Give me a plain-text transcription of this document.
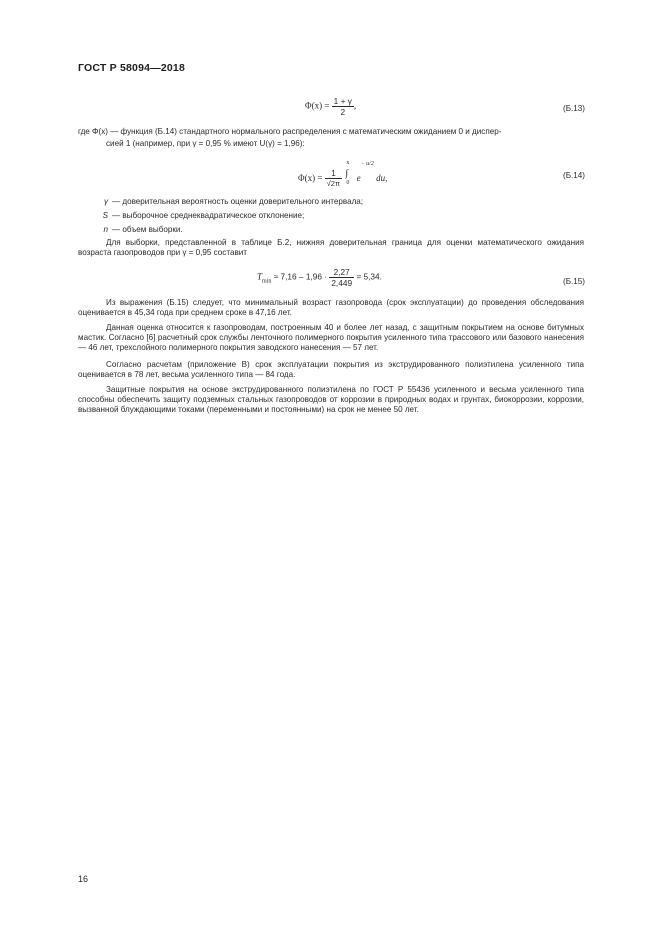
ГОСТ Р 58094—2018
$\Phi(x) = \frac{1 + \gamma}{2}$ ,	(Б.13)
где Φ(x) — функция (Б.14) стандартного нормального распределения с математическим ожиданием 0 и диспер-
сией 1 (например, при γ = 0,95 % имеют U(γ) = 1,96):
$\Phi(x) = \frac{1}{√2\pi}$

x
∫
0 $e^{- u/2}$ du,	(Б.14)
γ — доверительная вероятность оценки доверительного интервала;
S — выборочное среднеквадратическое отклонение;
n — объем выборки.
Для выборки, представленной в таблице Б.2, нижняя доверительная граница для оценки математического ожидания возраста газопроводов при γ = 0,95 составит
$T_{min} \approx 7,16 - 1,96 \cdot \frac{2,27}{2,449} = 5,34$.	(Б.15)
Из выражения (Б.15) следует, что минимальный возраст газопровода (срок эксплуатации) до проведения обследования оценивается в 45,34 года при среднем сроке в 47,16 лет.
Данная оценка относится к газопроводам, построенным 40 и более лет назад, с защитным покрытием на основе битумных мастик. Согласно [6] расчетный срок службы ленточного полимерного покрытия усиленного типа трассового или базового нанесения — 46 лет, трехслойного полимерного покрытия заводского нанесения — 57 лет.
Согласно расчетам (приложение В) срок эксплуатации покрытия из экструдированного полиэтилена усиленного типа оценивается в 78 лет, весьма усиленного типа — 84 года.
Защитные покрытия на основе экструдированного полиэтилена по ГОСТ Р 55436 усиленного и весьма усиленного типа способны обеспечить защиту подземных стальных газопроводов от коррозии в природных водах и грунтах, биокоррозии, коррозии, вызванной блуждающими токами (переменными и постоянными) на срок не менее 50 лет.
16
